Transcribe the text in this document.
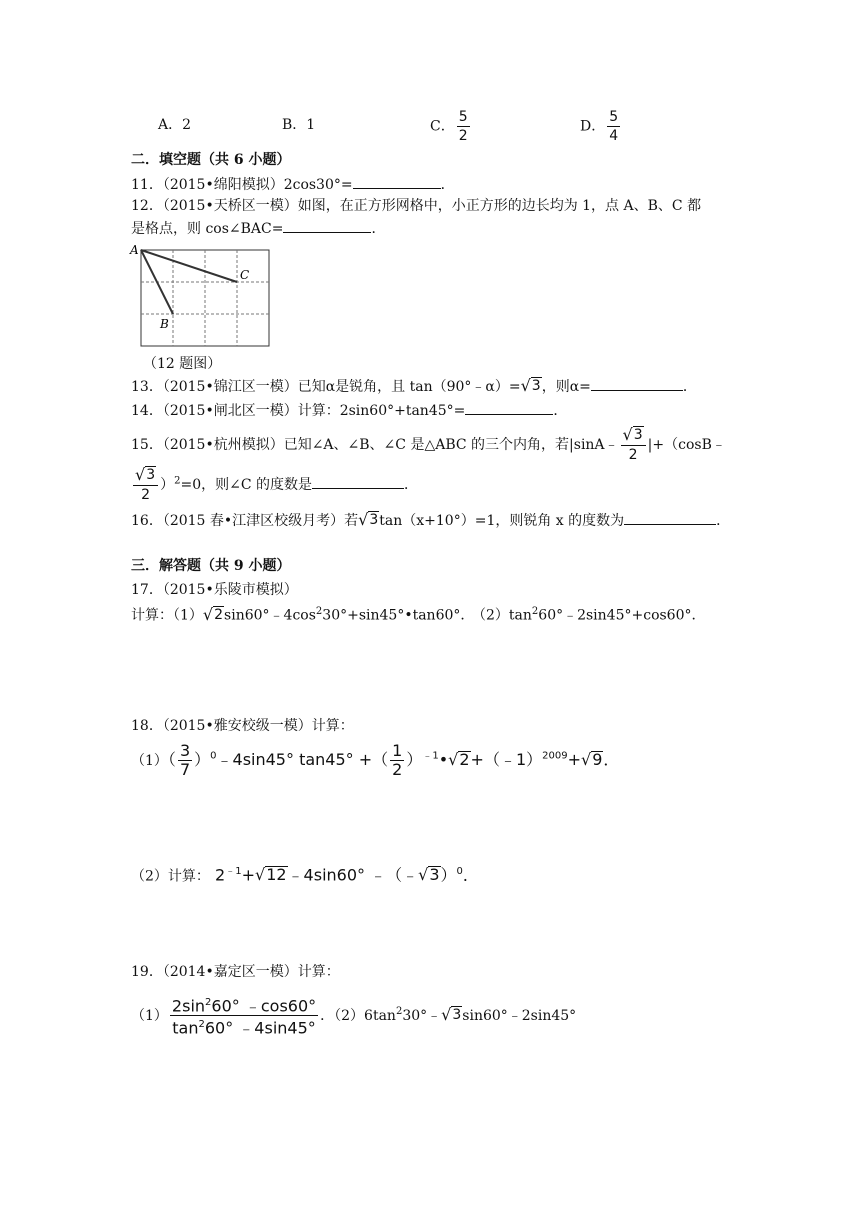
A．2	B．1	C． $\frac{5}{2}$	D． $\frac{5}{4}$
二．填空题（共 6 小题）
11．（2015•绵阳模拟）2cos30°=	．
12．（2015•天桥区一模）如图，在正方形网格中，小正方形的边长均为 1，点 A、B、C 都
是格点，则 cos∠BAC=	．
A
B
C
（12 题图）
13．（2015•锦江区一模）已知α是锐角，且 tan（90°﹣α）= √ 3 ，则α=	．
14．（2015•闸北区一模）计算：2sin60°+tan45°=	．
15．（2015•杭州模拟）已知∠A、∠B、∠C 是△ABC 的三个内角，若|sinA﹣ $\frac{√ 3}{2}$ |+（cosB﹣
$\frac{√ 3}{2} )^2=0$，则∠C 的度数是	．
16．（2015 春•江津区校级月考）若 √ 3 tan（x+10°）=1，则锐角 x 的度数为	．
三．解答题（共 9 小题）
17．（2015•乐陵市模拟）
计算：（1） √ 2 $\sin 60^\circ﹣4\cos^230^\circ+\sin 45^\circ•\tan 60^\circ$．
$(2)\tan^260^\circ﹣2\sin 45^\circ+\cos 60^\circ$．
18．（2015•雅安校级一模）计算：
$(1)( \frac{3}{7}$ ）$^0﹣4\sin 45^\circ$ tan45° +（ $\frac{1}{2}$ ）$^{﹣1}$• √ 2 +（﹣1）$^{2009}$+ √ 9 ．
（2）计算： $2^{﹣1}+$ √ 12 ﹣4sin60° ﹣（﹣ √ 3 ）$^0$．
19．（2014•嘉定区一模）计算：
$(1) \frac{2\sin^260^\circ ﹣\cos 60^\circ}{\tan^260^\circ ﹣4\sin 45^\circ}$ ．$(2)6\tan^230^\circ﹣$ √ 3 sin60°﹣2sin45°
